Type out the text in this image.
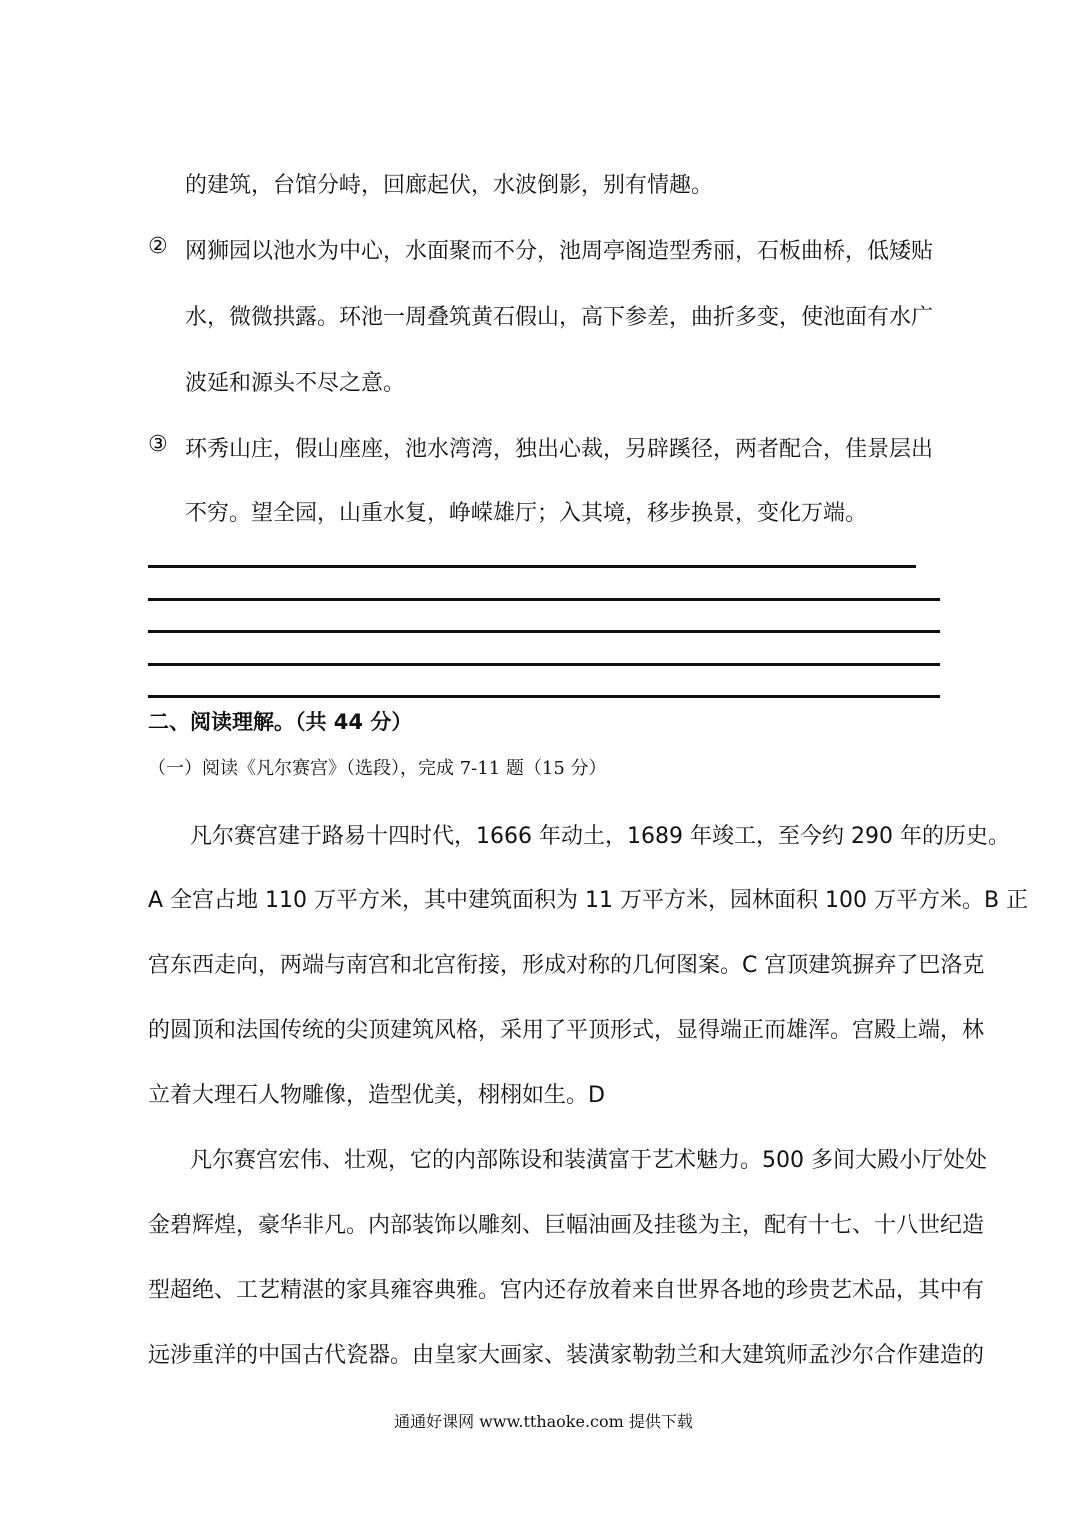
的建筑，台馆分峙，回廊起伏，水波倒影，别有情趣。
② 网狮园以池水为中心，水面聚而不分，池周亭阁造型秀丽，石板曲桥，低矮贴
水，微微拱露。环池一周叠筑黄石假山，高下参差，曲折多变，使池面有水广
波延和源头不尽之意。
③ 环秀山庄，假山座座，池水湾湾，独出心裁，另辟蹊径，两者配合，佳景层出
不穷。望全园，山重水复，峥嵘雄厅；入其境，移步换景，变化万端。
二、阅读理解。（共 44 分）
（一）阅读《凡尔赛宫》（选段），完成 7-11 题（15 分）
凡尔赛宫建于路易十四时代，1666 年动土，1689 年竣工，至今约 290 年的历史。
A 全宫占地 110 万平方米，其中建筑面积为 11 万平方米，园林面积 100 万平方米。B 正
宫东西走向，两端与南宫和北宫衔接，形成对称的几何图案。C 宫顶建筑摒弃了巴洛克
的圆顶和法国传统的尖顶建筑风格，采用了平顶形式，显得端正而雄浑。宫殿上端，林
立着大理石人物雕像，造型优美，栩栩如生。D
凡尔赛宫宏伟、壮观，它的内部陈设和装潢富于艺术魅力。500 多间大殿小厅处处
金碧辉煌，豪华非凡。内部装饰以雕刻、巨幅油画及挂毯为主，配有十七、十八世纪造
型超绝、工艺精湛的家具雍容典雅。宫内还存放着来自世界各地的珍贵艺术品，其中有
远涉重洋的中国古代瓷器。由皇家大画家、装潢家勒勃兰和大建筑师孟沙尔合作建造的
通通好课网 www.tthaoke.com 提供下载
